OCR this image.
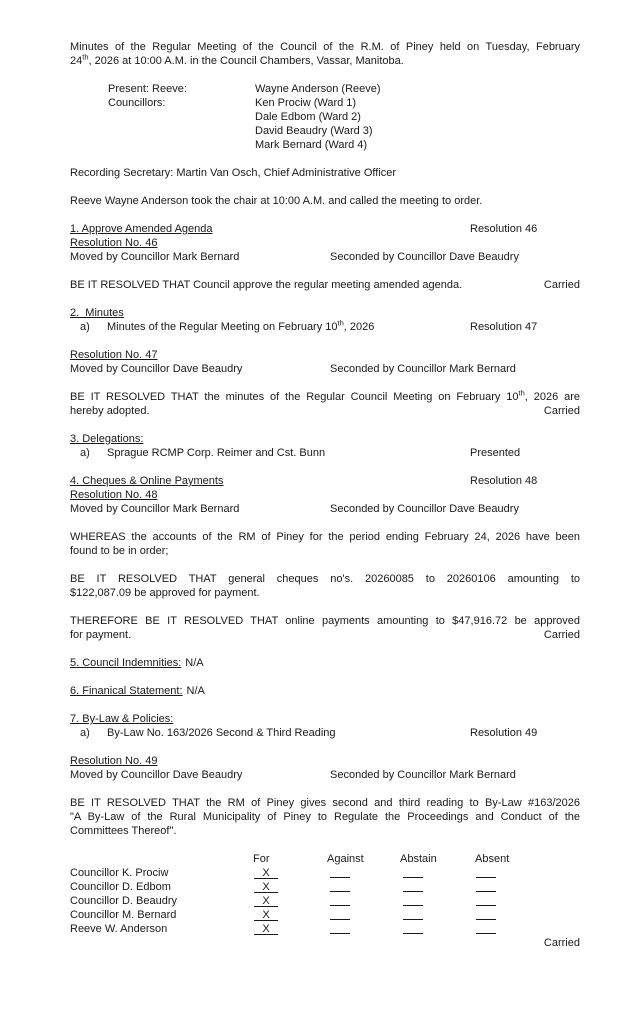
Minutes of the Regular Meeting of the Council of the R.M. of Piney held on Tuesday, February
24th, 2026 at 10:00 A.M. in the Council Chambers, Vassar, Manitoba.
Present: Reeve:	Wayne Anderson (Reeve)
Councillors:	Ken Prociw (Ward 1)
Dale Edbom (Ward 2)
David Beaudry (Ward 3)
Mark Bernard (Ward 4)
Recording Secretary: Martin Van Osch, Chief Administrative Officer
Reeve Wayne Anderson took the chair at 10:00 A.M. and called the meeting to order.
1. Approve Amended Agenda	Resolution 46
Resolution No. 46
Moved by Councillor Mark Bernard	Seconded by Councillor Dave Beaudry
BE IT RESOLVED THAT Council approve the regular meeting amended agenda.	Carried
2.  Minutes
a) Minutes of the Regular Meeting on February 10th, 2026	Resolution 47
Resolution No. 47
Moved by Councillor Dave Beaudry	Seconded by Councillor Mark Bernard
BE IT RESOLVED THAT the minutes of the Regular Council Meeting on February 10th, 2026 are
hereby adopted.	Carried
3. Delegations:
a) Sprague RCMP Corp. Reimer and Cst. Bunn	Presented
4. Cheques & Online Payments	Resolution 48
Resolution No. 48
Moved by Councillor Mark Bernard	Seconded by Councillor Dave Beaudry
WHEREAS the accounts of the RM of Piney for the period ending February 24, 2026 have been
found to be in order;
BE IT RESOLVED THAT general cheques no's. 20260085 to 20260106 amounting to
$122,087.09 be approved for payment.
THEREFORE BE IT RESOLVED THAT online payments amounting to $47,916.72 be approved
for payment.	Carried
5. Council Indemnities: N/A
6. Finanical Statement: N/A
7. By-Law & Policies:
a) By-Law No. 163/2026 Second & Third Reading	Resolution 49
Resolution No. 49
Moved by Councillor Dave Beaudry	Seconded by Councillor Mark Bernard
BE IT RESOLVED THAT the RM of Piney gives second and third reading to By-Law #163/2026
"A By-Law of the Rural Municipality of Piney to Regulate the Proceedings and Conduct of the
Committees Thereof".
For	Against	Abstain	Absent
Councillor K. Prociw	X
Councillor D. Edbom	X
Councillor D. Beaudry	X
Councillor M. Bernard	X
Reeve W. Anderson	X
Carried
